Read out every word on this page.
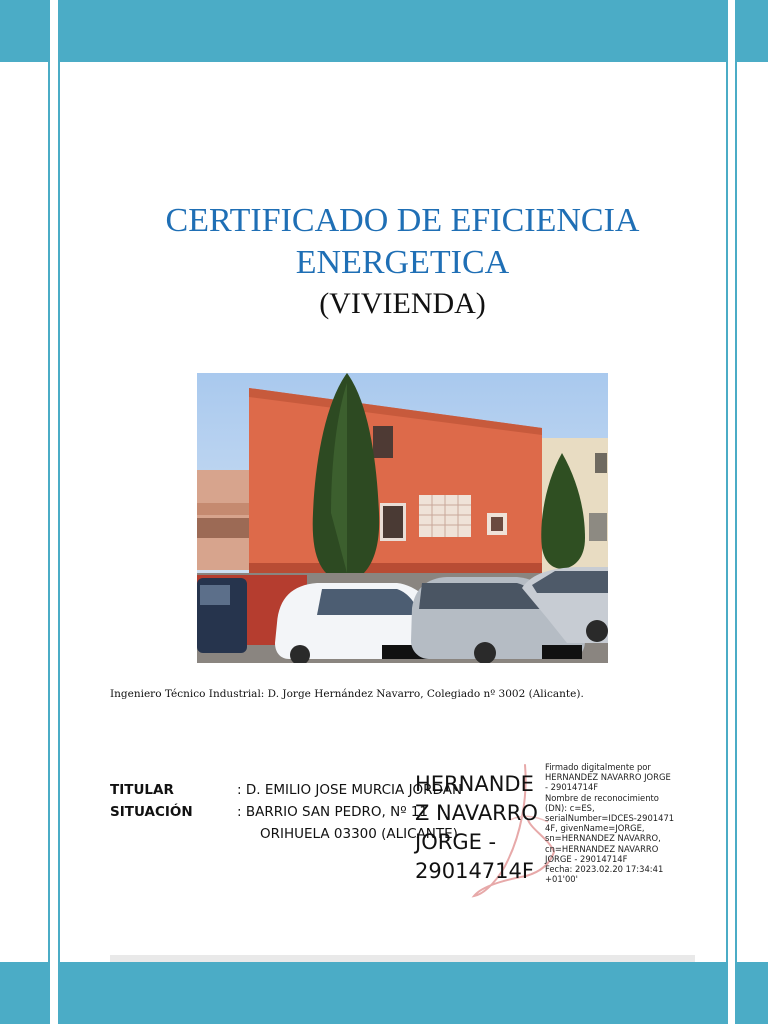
CERTIFICADO DE EFICIENCIA
ENERGETICA
(VIVIENDA)
Ingeniero Técnico Industrial: D. Jorge Hernández Navarro, Colegiado nº 3002 (Alicante).
TITULAR	: D. EMILIO JOSE MURCIA JORDAN
SITUACIÓN	: BARRIO SAN PEDRO, Nº 11
ORIHUELA 03300 (ALICANTE)
HERNANDE
Z NAVARRO
JORGE -
29014714F
Firmado digitalmente por
HERNANDEZ NAVARRO JORGE
- 29014714F
Nombre de reconocimiento
(DN): c=ES,
serialNumber=IDCES-2901471
4F, givenName=JORGE,
sn=HERNANDEZ NAVARRO,
cn=HERNANDEZ NAVARRO
JORGE - 29014714F
Fecha: 2023.02.20 17:34:41
+01'00'
